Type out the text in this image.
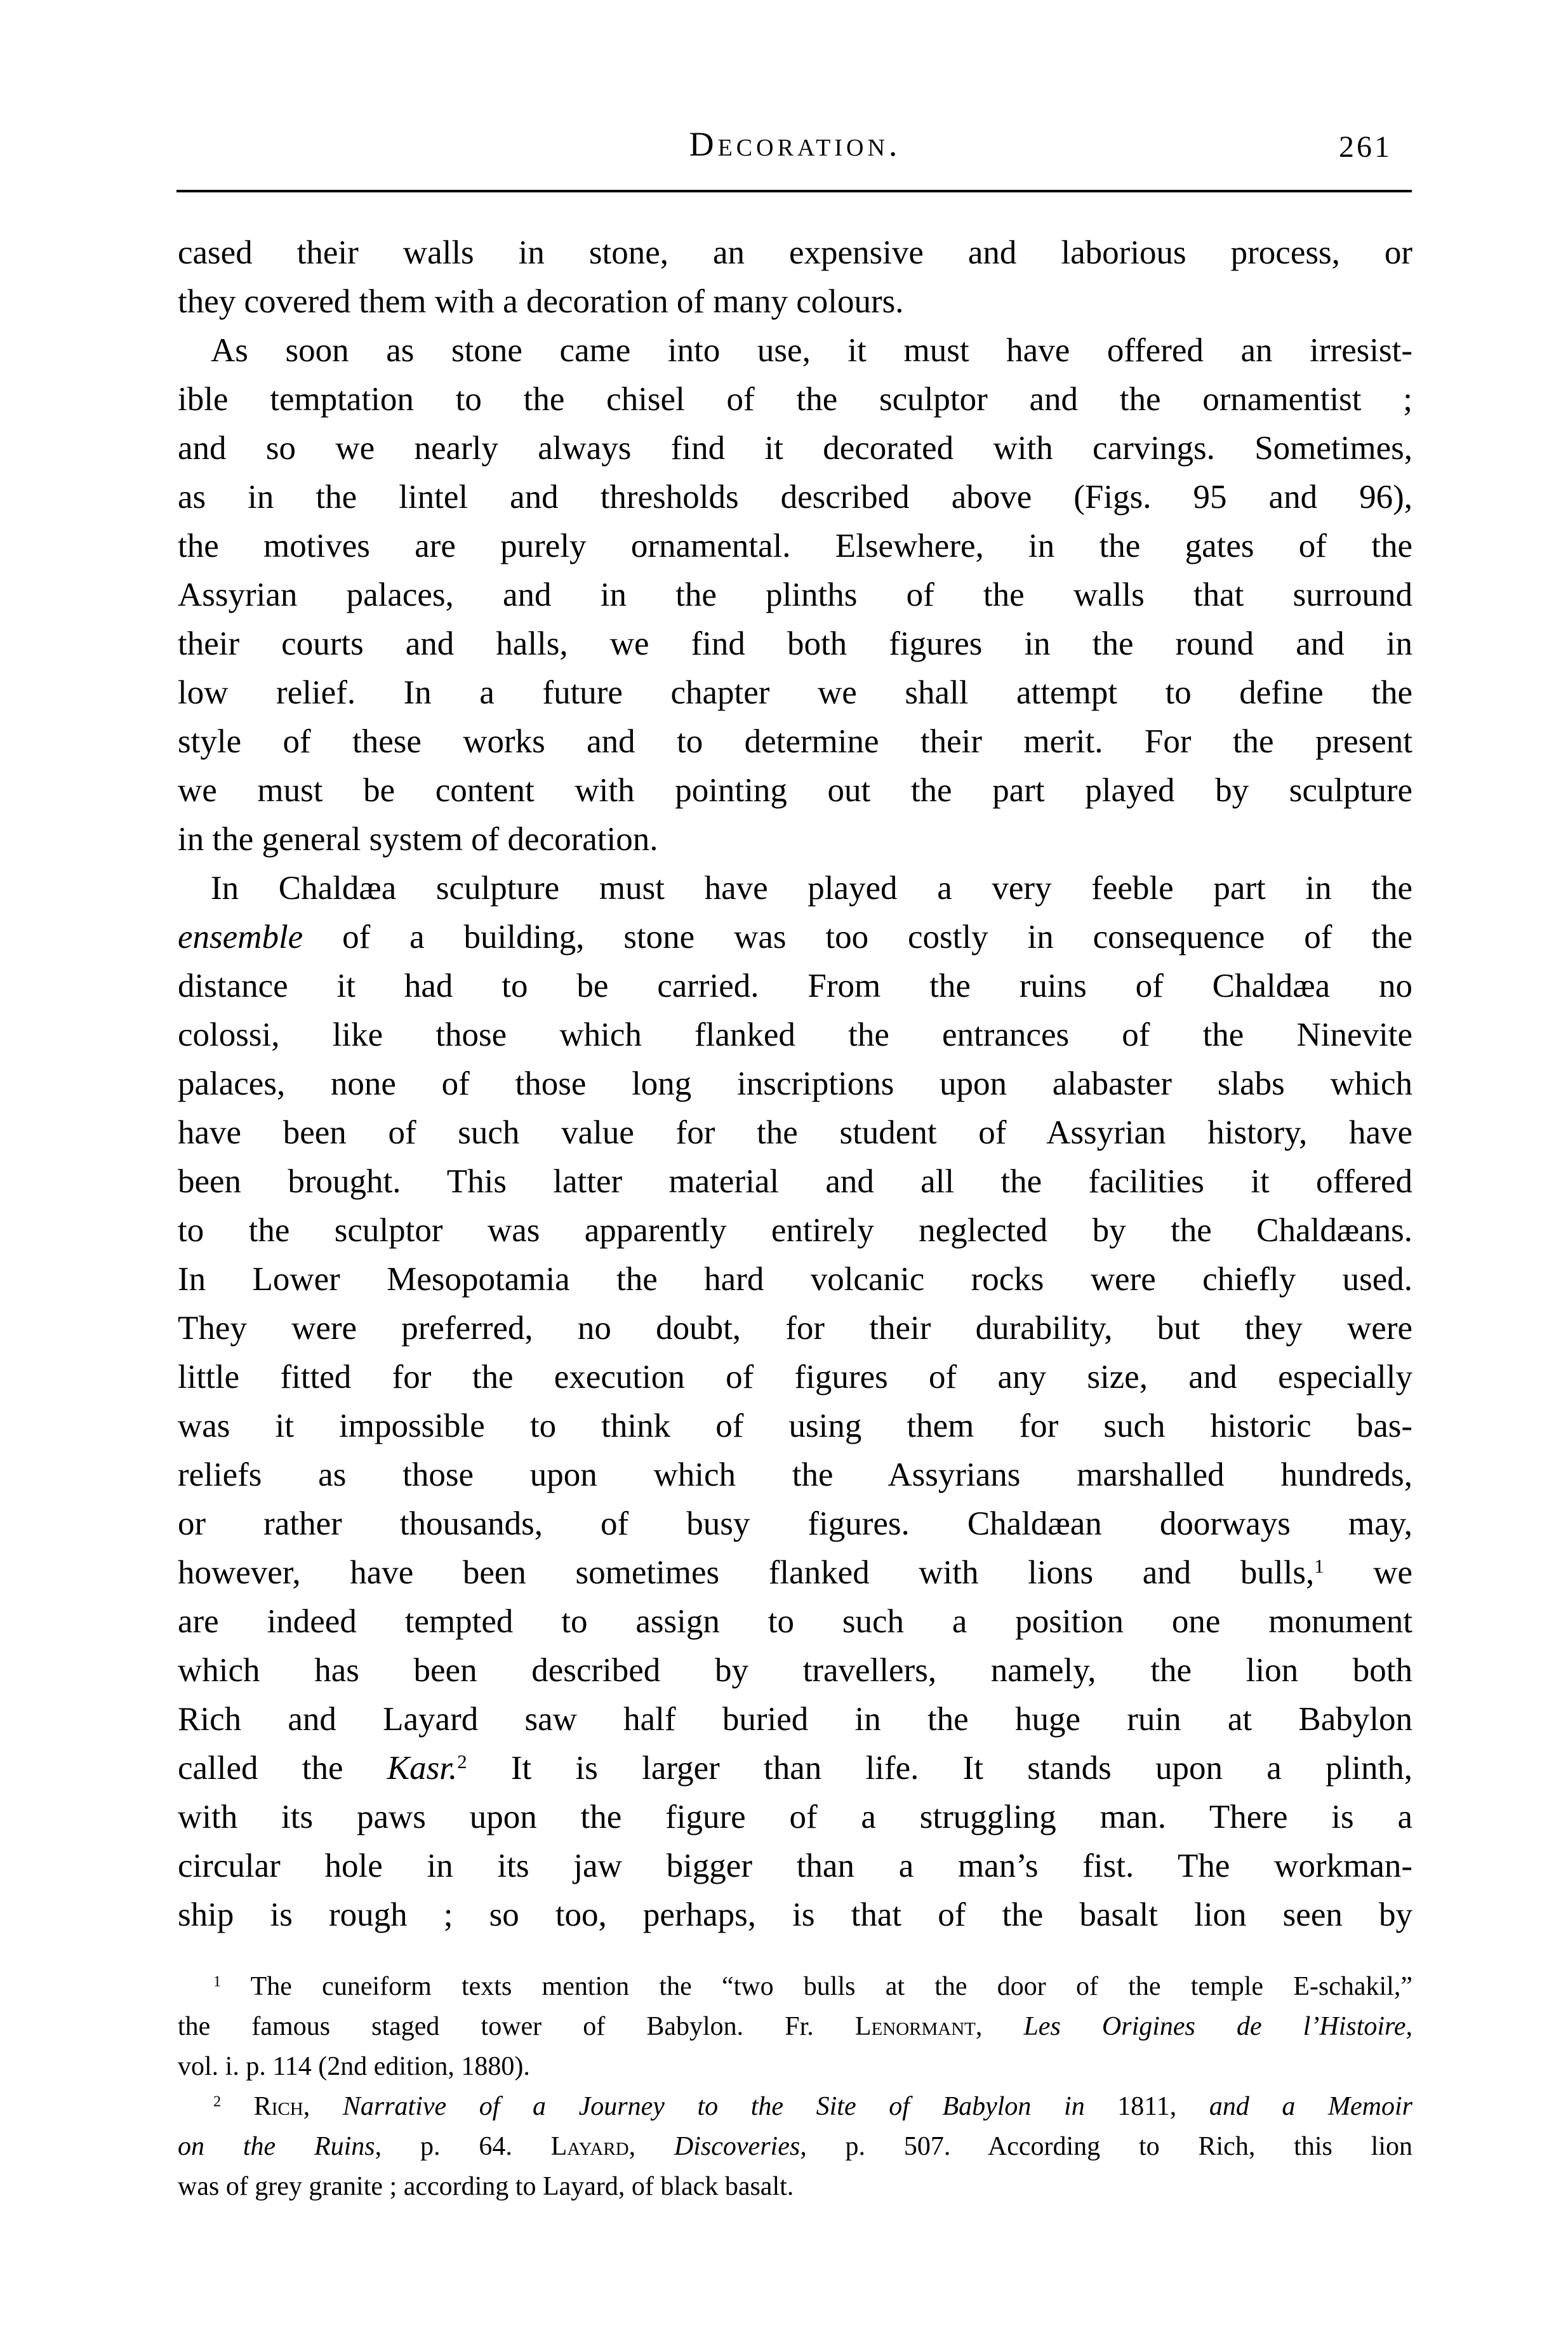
Decoration.	261
cased their walls in stone, an expensive and laborious process, or
they covered them with a decoration of many colours.
As soon as stone came into use, it must have offered an irresist-
ible temptation to the chisel of the sculptor and the ornamentist ;
and so we nearly always find it decorated with carvings. Sometimes,
as in the lintel and thresholds described above (Figs. 95 and 96),
the motives are purely ornamental. Elsewhere, in the gates of the
Assyrian palaces, and in the plinths of the walls that surround
their courts and halls, we find both figures in the round and in
low relief. In a future chapter we shall attempt to define the
style of these works and to determine their merit. For the present
we must be content with pointing out the part played by sculpture
in the general system of decoration.
In Chaldæa sculpture must have played a very feeble part in the
ensemble of a building, stone was too costly in consequence of the
distance it had to be carried. From the ruins of Chaldæa no
colossi, like those which flanked the entrances of the Ninevite
palaces, none of those long inscriptions upon alabaster slabs which
have been of such value for the student of Assyrian history, have
been brought. This latter material and all the facilities it offered
to the sculptor was apparently entirely neglected by the Chaldæans.
In Lower Mesopotamia the hard volcanic rocks were chiefly used.
They were preferred, no doubt, for their durability, but they were
little fitted for the execution of figures of any size, and especially
was it impossible to think of using them for such historic bas-
reliefs as those upon which the Assyrians marshalled hundreds,
or rather thousands, of busy figures. Chaldæan doorways may,
however, have been sometimes flanked with lions and bulls,$^1$ we
are indeed tempted to assign to such a position one monument
which has been described by travellers, namely, the lion both
Rich and Layard saw half buried in the huge ruin at Babylon
called the Kasr.$^2$ It is larger than life. It stands upon a plinth,
with its paws upon the figure of a struggling man. There is a
circular hole in its jaw bigger than a man’s fist. The workman-
ship is rough ; so too, perhaps, is that of the basalt lion seen by
$^1$ The cuneiform texts mention the “two bulls at the door of the temple E-schakil,”
the famous staged tower of Babylon. Fr. Lenormant, Les Origines de l’Histoire,
vol. i. p. 114 (2nd edition, 1880).
$^2$ Rich, Narrative of a Journey to the Site of Babylon in 1811, and a Memoir
on the Ruins, p. 64. Layard, Discoveries, p. 507. According to Rich, this lion
was of grey granite ; according to Layard, of black basalt.
